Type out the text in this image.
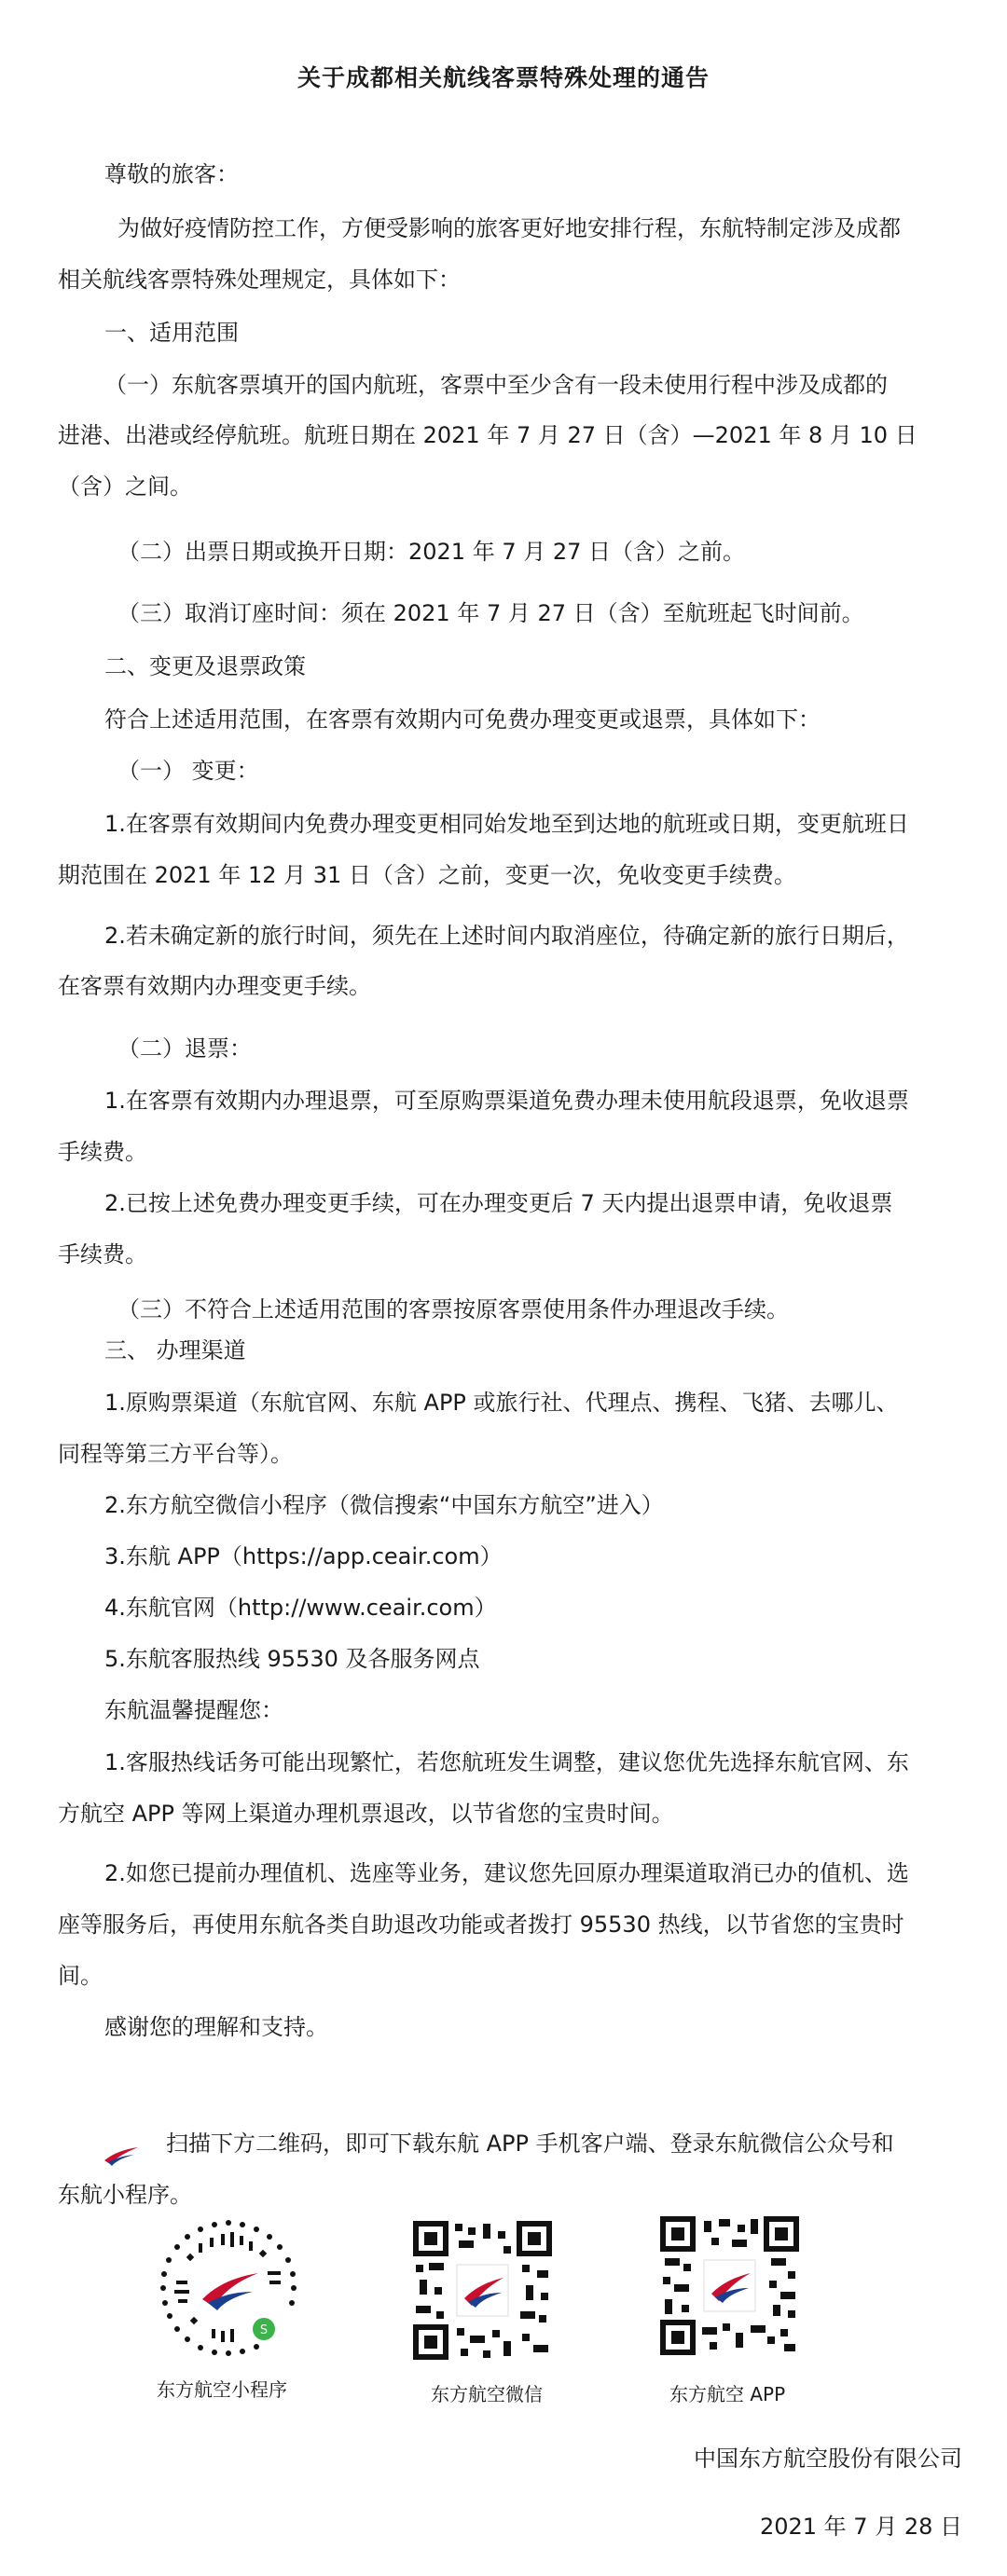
关于成都相关航线客票特殊处理的通告
尊敬的旅客：
为做好疫情防控工作，方便受影响的旅客更好地安排行程，东航特制定涉及成都
相关航线客票特殊处理规定，具体如下：
一、适用范围
（一）东航客票填开的国内航班，客票中至少含有一段未使用行程中涉及成都的
进港、出港或经停航班。航班日期在 2021 年 7 月 27 日（含）—2021 年 8 月 10 日
（含）之间。
（二）出票日期或换开日期：2021 年 7 月 27 日（含）之前。
（三）取消订座时间：须在 2021 年 7 月 27 日（含）至航班起飞时间前。
二、变更及退票政策
符合上述适用范围，在客票有效期内可免费办理变更或退票，具体如下：
（一） 变更：
1.在客票有效期间内免费办理变更相同始发地至到达地的航班或日期，变更航班日
期范围在 2021 年 12 月 31 日（含）之前，变更一次，免收变更手续费。
2.若未确定新的旅行时间，须先在上述时间内取消座位，待确定新的旅行日期后，
在客票有效期内办理变更手续。
（二）退票：
1.在客票有效期内办理退票，可至原购票渠道免费办理未使用航段退票，免收退票
手续费。
2.已按上述免费办理变更手续，可在办理变更后 7 天内提出退票申请，免收退票
手续费。
（三）不符合上述适用范围的客票按原客票使用条件办理退改手续。
三、 办理渠道
1.原购票渠道（东航官网、东航 APP 或旅行社、代理点、携程、飞猪、去哪儿、
同程等第三方平台等）。
2.东方航空微信小程序（微信搜索“中国东方航空”进入）
3.东航 APP（https://app.ceair.com）
4.东航官网（http://www.ceair.com）
5.东航客服热线 95530 及各服务网点
东航温馨提醒您：
1.客服热线话务可能出现繁忙，若您航班发生调整，建议您优先选择东航官网、东
方航空 APP 等网上渠道办理机票退改，以节省您的宝贵时间。
2.如您已提前办理值机、选座等业务，建议您先回原办理渠道取消已办的值机、选
座等服务后，再使用东航各类自助退改功能或者拨打 95530 热线，以节省您的宝贵时
间。
感谢您的理解和支持。
扫描下方二维码，即可下载东航 APP 手机客户端、登录东航微信公众号和
东航小程序。
S
东方航空小程序	东方航空微信	东方航空 APP
中国东方航空股份有限公司
2021 年 7 月 28 日
